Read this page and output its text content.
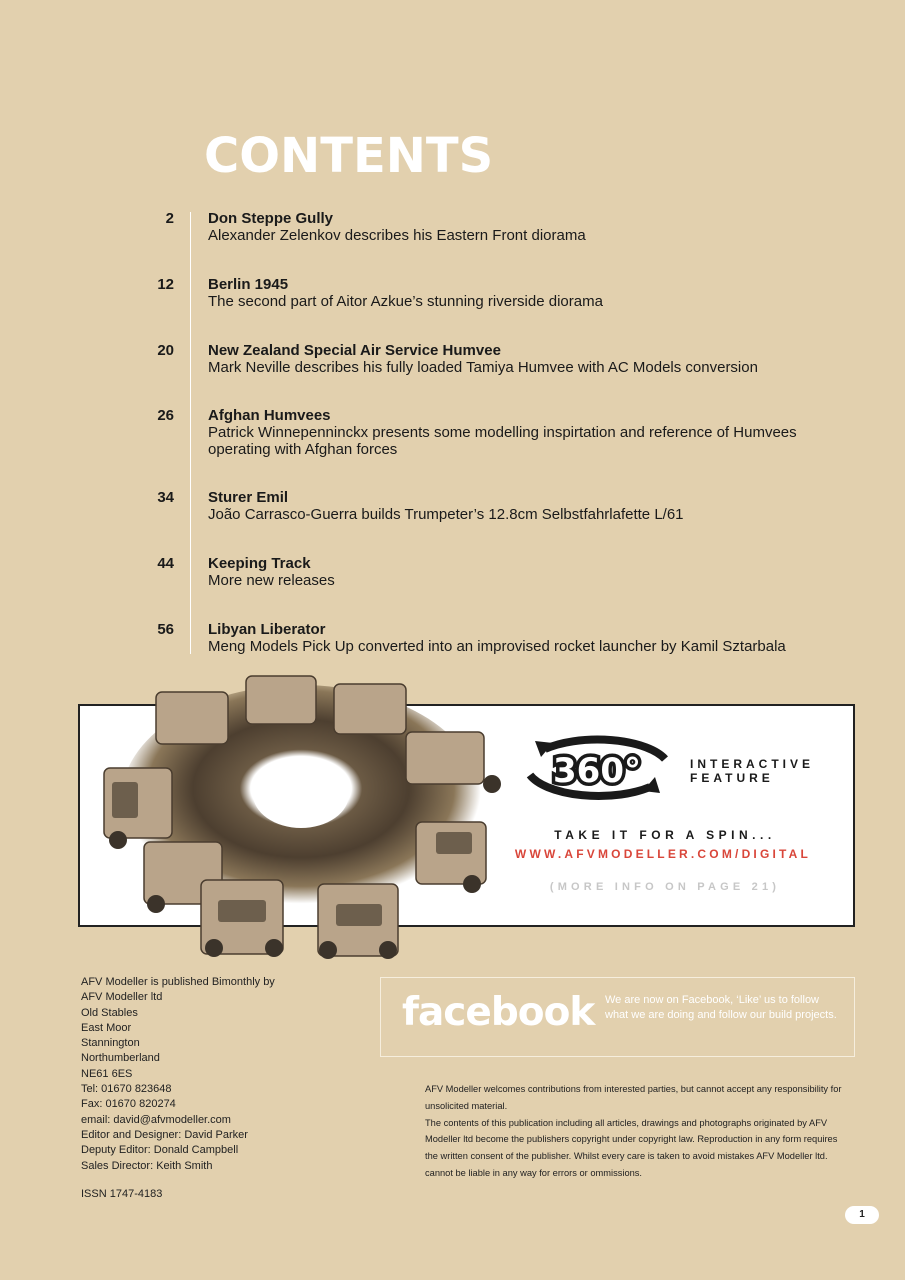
CONTENTS
2 Don Steppe Gully
Alexander Zelenkov describes his Eastern Front diorama
12 Berlin 1945
The second part of Aitor Azkue’s stunning riverside diorama
20 New Zealand Special Air Service Humvee
Mark Neville describes his fully loaded Tamiya Humvee with AC Models conversion
26 Afghan Humvees
Patrick Winnepenninckx presents some modelling inspirtation and reference of Humvees operating with Afghan forces
34 Sturer Emil
João Carrasco-Guerra builds Trumpeter’s 12.8cm Selbstfahrlafette L/61
44 Keeping Track
More new releases
56 Libyan Liberator
Meng Models Pick Up converted into an improvised rocket launcher by Kamil Sztarbala
360°	INTERACTIVE
FEATURE
TAKE IT FOR A SPIN...
WWW.AFVMODELLER.COM/DIGITAL
(MORE INFO ON PAGE 21)
AFV Modeller is published Bimonthly by
AFV Modeller ltd
Old Stables
East Moor
Stannington
Northumberland
NE61 6ES
Tel: 01670 823648
Fax: 01670 820274
email: david@afvmodeller.com
Editor and Designer: David Parker
Deputy Editor: Donald Campbell
Sales Director: Keith Smith
ISSN 1747-4183
facebook We are now on Facebook, ‘Like’ us to follow what we are doing and follow our build projects.
AFV Modeller welcomes contributions from interested parties, but cannot accept any responsibility for unsolicited material.
The contents of this publication including all articles, drawings and photographs originated by AFV Modeller ltd become the publishers copyright under copyright law. Reproduction in any form requires the written consent of the publisher. Whilst every care is taken to avoid mistakes AFV Modeller ltd. cannot be liable in any way for errors or ommissions.
1
